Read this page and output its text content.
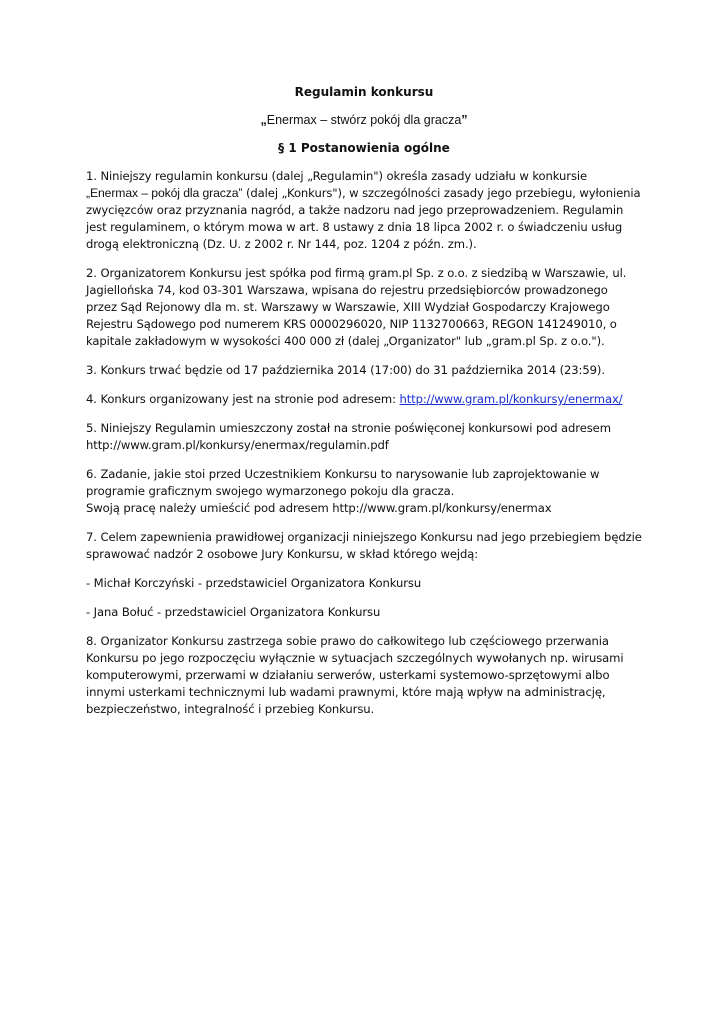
Regulamin konkursu
„Enermax – stwórz pokój dla gracza”
§ 1 Postanowienia ogólne

1. Niniejszy regulamin konkursu (dalej „Regulamin") określa zasady udziału w konkursie „Enermax – pokój dla gracza” (dalej „Konkurs"), w szczególności zasady jego przebiegu, wyłonienia zwycięzców oraz przyznania nagród, a także nadzoru nad jego przeprowadzeniem. Regulamin jest regulaminem, o którym mowa w art. 8 ustawy z dnia 18 lipca 2002 r. o świadczeniu usług drogą elektroniczną (Dz. U. z 2002 r. Nr 144, poz. 1204 z późn. zm.).

2. Organizatorem Konkursu jest spółka pod firmą gram.pl Sp. z o.o. z siedzibą w Warszawie, ul. Jagiellońska 74, kod 03-301 Warszawa, wpisana do rejestru przedsiębiorców prowadzonego przez Sąd Rejonowy dla m. st. Warszawy w Warszawie, XIII Wydział Gospodarczy Krajowego Rejestru Sądowego pod numerem KRS 0000296020, NIP 1132700663, REGON 141249010, o kapitale zakładowym w wysokości 400 000 zł (dalej „Organizator" lub „gram.pl Sp. z o.o.").

3. Konkurs trwać będzie od 17 października 2014 (17:00) do 31 października 2014 (23:59).

4. Konkurs organizowany jest na stronie pod adresem: http://www.gram.pl/konkursy/enermax/

5. Niniejszy Regulamin umieszczony został na stronie poświęconej konkursowi pod adresem http://www.gram.pl/konkursy/enermax/regulamin.pdf

6. Zadanie, jakie stoi przed Uczestnikiem Konkursu to narysowanie lub zaprojektowanie w programie graficznym swojego wymarzonego pokoju dla gracza.
Swoją pracę należy umieścić pod adresem http://www.gram.pl/konkursy/enermax

7. Celem zapewnienia prawidłowej organizacji niniejszego Konkursu nad jego przebiegiem będzie sprawować nadzór 2 osobowe Jury Konkursu, w skład którego wejdą:

- Michał Korczyński - przedstawiciel Organizatora Konkursu

- Jana Bołuć - przedstawiciel Organizatora Konkursu

8. Organizator Konkursu zastrzega sobie prawo do całkowitego lub częściowego przerwania Konkursu po jego rozpoczęciu wyłącznie w sytuacjach szczególnych wywołanych np. wirusami komputerowymi, przerwami w działaniu serwerów, usterkami systemowo-sprzętowymi albo innymi usterkami technicznymi lub wadami prawnymi, które mają wpływ na administrację, bezpieczeństwo, integralność i przebieg Konkursu.
